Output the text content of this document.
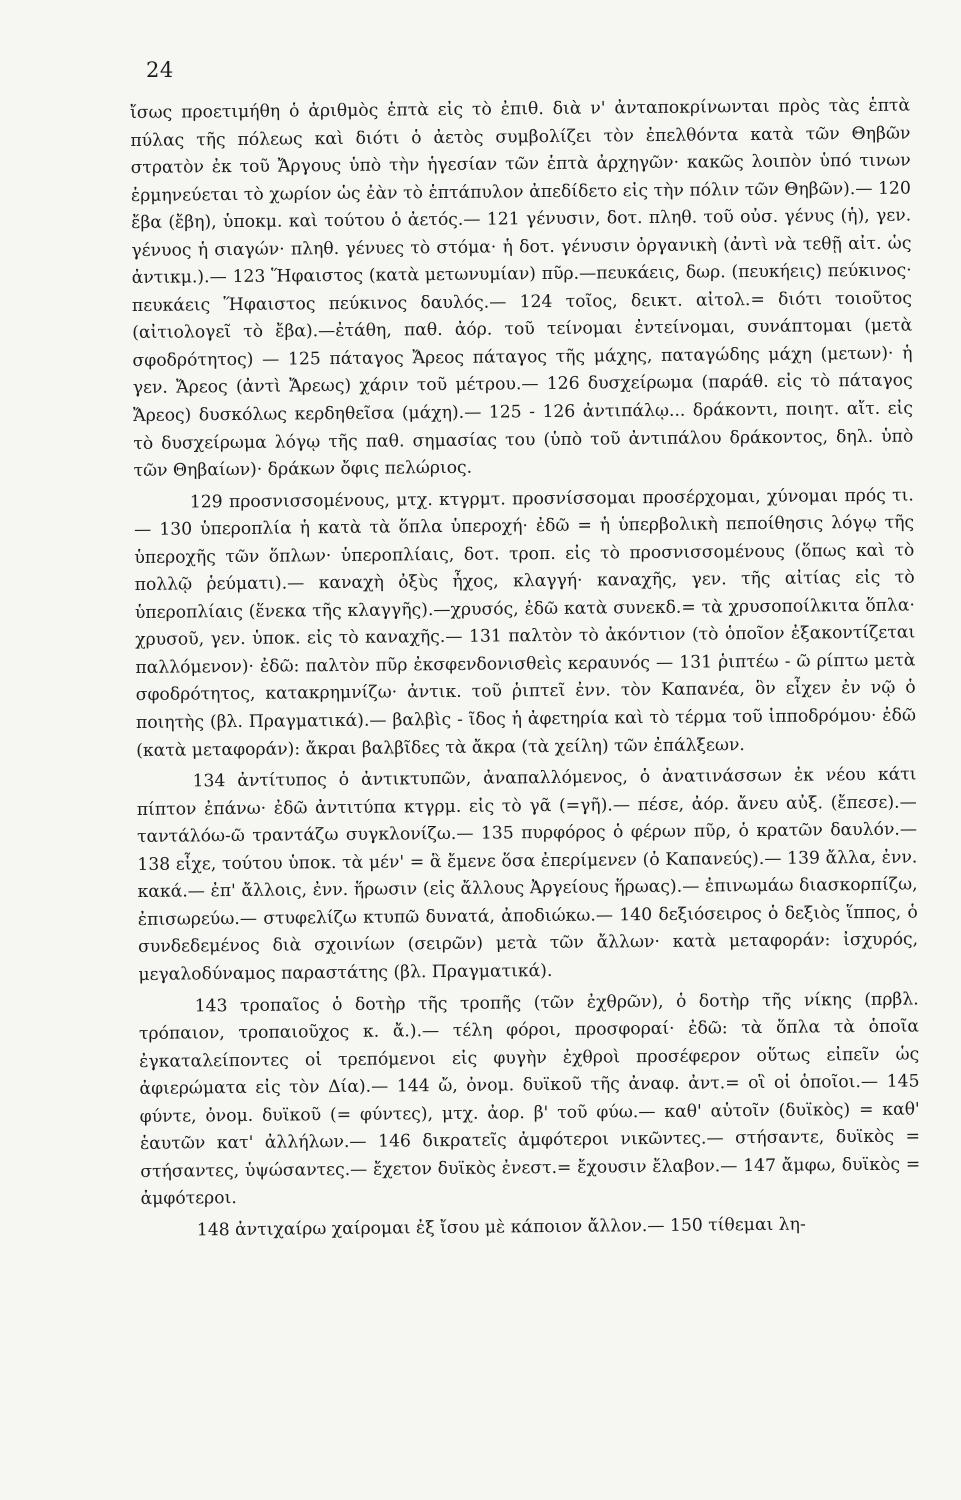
24

ἴσως προετιμήθη ὁ ἀριθμὸς ἑπτὰ εἰς τὸ ἐπιθ. διὰ ν' ἀνταποκρίνωνται πρὸς τὰς ἑπτὰ πύλας τῆς πόλεως καὶ διότι ὁ ἀετὸς συμβολίζει τὸν ἐπελθόντα κατὰ τῶν Θηβῶν στρατὸν ἐκ τοῦ Ἄργους ὑπὸ τὴν ἡγεσίαν τῶν ἑπτὰ ἀρχηγῶν· κακῶς λοιπὸν ὑπό τινων ἑρμηνεύεται τὸ χωρίον ὡς ἐὰν τὸ ἑπτάπυλον ἀπεδίδετο εἰς τὴν πόλιν τῶν Θηβῶν).— 120 ἔβα (ἔβη), ὑποκμ. καὶ τούτου ὁ ἀετός.— 121 γένυσιν, δοτ. πληθ. τοῦ οὐσ. γένυς (ἡ), γεν. γένυος ἡ σιαγών· πληθ. γένυες τὸ στόμα· ἡ δοτ. γένυσιν ὀργανικὴ (ἀντὶ νὰ τεθῇ αἰτ. ὡς ἀντικμ.).— 123 Ἥφαιστος (κατὰ μετωνυμίαν) πῦρ.—πευκάεις, δωρ. (πευκήεις) πεύκινος· πευκάεις Ἥφαιστος πεύκινος δαυλός.— 124 τοῖος, δεικτ. αἰτολ.= διότι τοιοῦτος (αἰτιολογεῖ τὸ ἔβα).—ἐτάθη, παθ. ἀόρ. τοῦ τείνομαι ἐντείνομαι, συνάπτομαι (μετὰ σφοδρότητος) — 125 πάταγος Ἄρεος πάταγος τῆς μάχης, παταγώδης μάχη (μετων)· ἡ γεν. Ἄρεος (ἀντὶ Ἄρεως) χάριν τοῦ μέτρου.— 126 δυσχείρωμα (παράθ. εἰς τὸ πάταγος Ἄρεος) δυσκόλως κερδηθεῖσα (μάχη).— 125 - 126 ἀντιπάλῳ... δράκοντι, ποιητ. αἴτ. εἰς τὸ δυσχείρωμα λόγῳ τῆς παθ. σημασίας του (ὑπὸ τοῦ ἀντιπάλου δράκοντος, δηλ. ὑπὸ τῶν Θηβαίων)· δράκων ὄφις πελώριος.

129 προσνισσομένους, μτχ. κτγρμτ. προσνίσσομαι προσέρχομαι, χύνομαι πρός τι.— 130 ὑπεροπλία ἡ κατὰ τὰ ὅπλα ὑπεροχή· ἐδῶ = ἡ ὑπερβολικὴ πεποίθησις λόγῳ τῆς ὑπεροχῆς τῶν ὅπλων· ὑπεροπλίαις, δοτ. τροπ. εἰς τὸ προσνισσομένους (ὅπως καὶ τὸ πολλῷ ῥεύματι).— καναχὴ ὀξὺς ἦχος, κλαγγή· καναχῆς, γεν. τῆς αἰτίας εἰς τὸ ὑπεροπλίαις (ἕνεκα τῆς κλαγγῆς).—χρυσός, ἐδῶ κατὰ συνεκδ.= τὰ χρυσοποίλκιτα ὅπλα· χρυσοῦ, γεν. ὑποκ. εἰς τὸ καναχῆς.— 131 παλτὸν τὸ ἀκόντιον (τὸ ὁποῖον ἐξακοντίζεται παλλόμενον)· ἐδῶ: παλτὸν πῦρ ἐκσφενδονισθεὶς κεραυνός — 131 ῥιπτέω - ῶ ρίπτω μετὰ σφοδρότητος, κατακρημνίζω· ἀντικ. τοῦ ῥιπτεῖ ἐνν. τὸν Καπανέα, ὃν εἶχεν ἐν νῷ ὁ ποιητὴς (βλ. Πραγματικά).— βαλβὶς - ῖδος ἡ ἀφετηρία καὶ τὸ τέρμα τοῦ ἱπποδρόμου· ἐδῶ (κατὰ μεταφοράν): ἄκραι βαλβῖδες τὰ ἄκρα (τὰ χείλη) τῶν ἐπάλξεων.

134 ἀντίτυπος ὁ ἀντικτυπῶν, ἀναπαλλόμενος, ὁ ἀνατινάσσων ἐκ νέου κάτι πίπτον ἐπάνω· ἐδῶ ἀντιτύπα κτγρμ. εἰς τὸ γᾶ (=γῆ).— πέσε, ἀόρ. ἄνευ αὐξ. (ἔπεσε).— ταντάλόω-ῶ τραντάζω συγκλονίζω.— 135 πυρφόρος ὁ φέρων πῦρ, ὁ κρατῶν δαυλόν.— 138 εἶχε, τούτου ὑποκ. τὰ μέν' = ἃ ἔμενε ὅσα ἐπερίμενεν (ὁ Καπανεύς).— 139 ἄλλα, ἐνν. κακά.— ἐπ' ἄλλοις, ἐνν. ἥρωσιν (εἰς ἄλλους Ἀργείους ἥρωας).— ἐπινωμάω διασκορπίζω, ἐπισωρεύω.— στυφελίζω κτυπῶ δυνατά, ἀποδιώκω.— 140 δεξιόσειρος ὁ δεξιὸς ἵππος, ὁ συνδεδεμένος διὰ σχοινίων (σειρῶν) μετὰ τῶν ἄλλων· κατὰ μεταφοράν: ἰσχυρός, μεγαλοδύναμος παραστάτης (βλ. Πραγματικά).

143 τροπαῖος ὁ δοτὴρ τῆς τροπῆς (τῶν ἐχθρῶν), ὁ δοτὴρ τῆς νίκης (πρβλ. τρόπαιον, τροπαιοῦχος κ. ἄ.).— τέλη φόροι, προσφοραί· ἐδῶ: τὰ ὅπλα τὰ ὁποῖα ἐγκαταλείποντες οἱ τρεπόμενοι εἰς φυγὴν ἐχθροὶ προσέφερον οὕτως εἰπεῖν ὡς ἀφιερώματα εἰς τὸν Δία).— 144 ὤ, ὀνομ. δυϊκοῦ τῆς ἀναφ. ἀντ.= οἳ οἱ ὁποῖοι.— 145 φύντε, ὀνομ. δυϊκοῦ (= φύντες), μτχ. ἀορ. β' τοῦ φύω.— καθ' αὑτοῖν (δυϊκὸς) = καθ' ἑαυτῶν κατ' ἀλλήλων.— 146 δικρατεῖς ἀμφότεροι νικῶντες.— στήσαντε, δυϊκὸς = στήσαντες, ὑψώσαντες.— ἔχετον δυϊκὸς ἐνεστ.= ἔχουσιν ἔλαβον.— 147 ἄμφω, δυϊκὸς = ἀμφότεροι.

148 ἀντιχαίρω χαίρομαι ἐξ ἴσου μὲ κάποιον ἄλλον.— 150 τίθεμαι λη-
